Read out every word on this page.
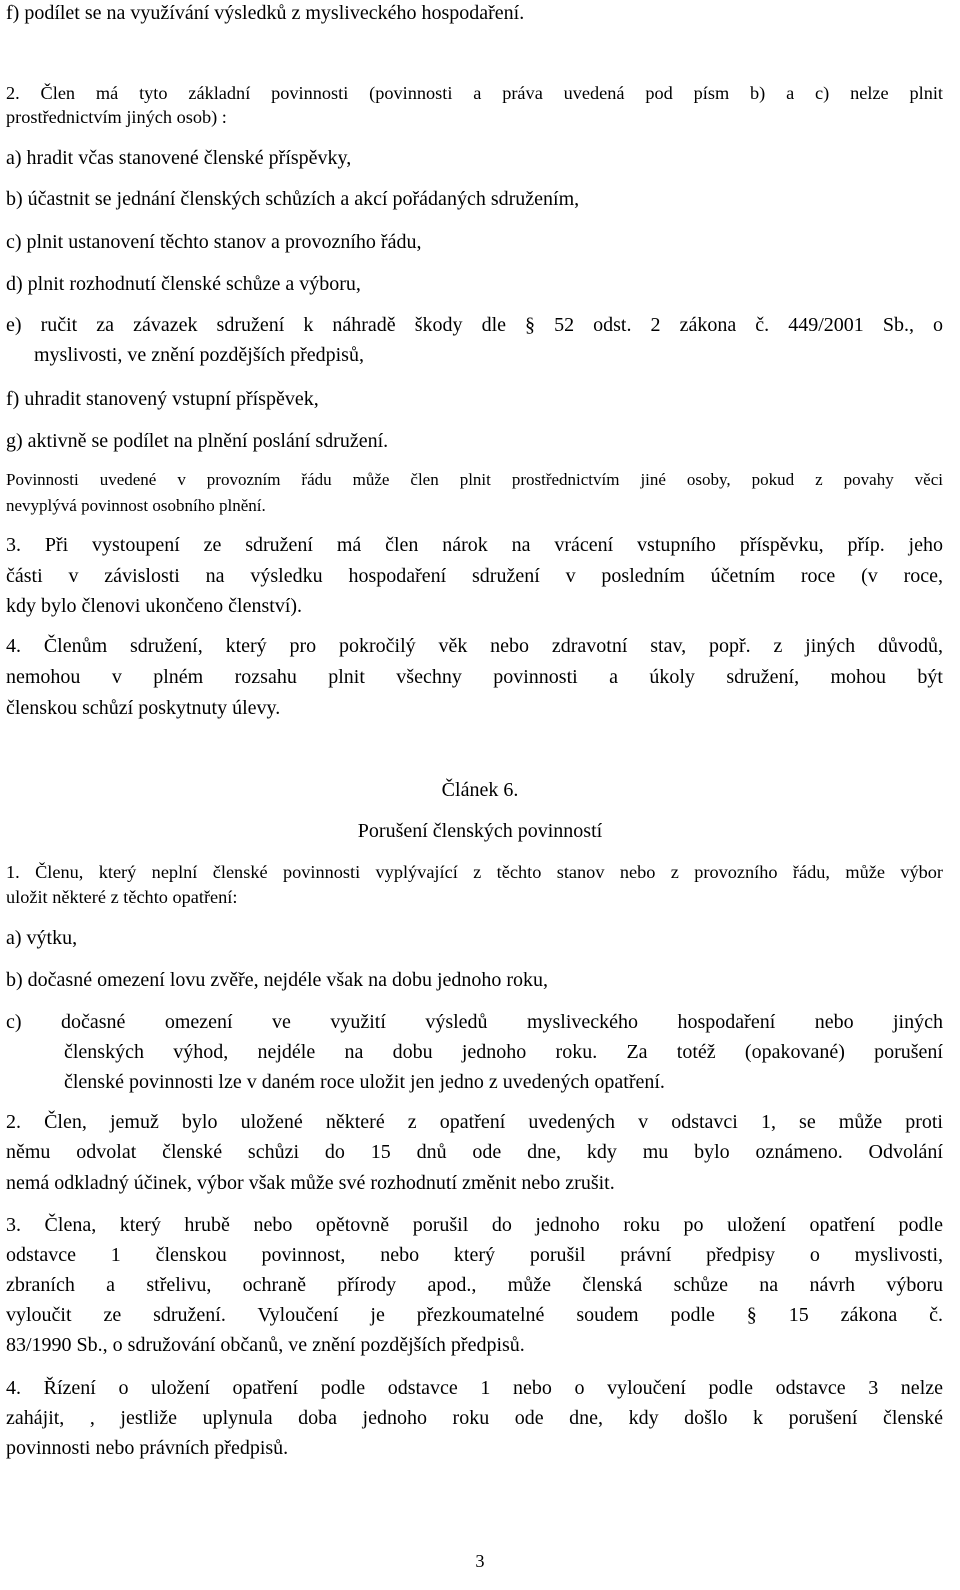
f) podílet se na využívání výsledků z mysliveckého hospodaření.
2. Člen má tyto základní povinnosti (povinnosti a práva uvedená pod písm b) a c) nelze plnit
prostřednictvím jiných osob) :
a) hradit včas stanovené členské příspěvky,
b) účastnit se jednání členských schůzích a akcí pořádaných sdružením,
c) plnit ustanovení těchto stanov a provozního řádu,
d) plnit rozhodnutí členské schůze a výboru,
e) ručit za závazek sdružení k náhradě škody dle § 52 odst. 2 zákona č. 449/2001 Sb., o
myslivosti, ve znění pozdějších předpisů,
f) uhradit stanovený vstupní příspěvek,
g) aktivně se podílet na plnění poslání sdružení.
Povinnosti uvedené v provozním řádu může člen plnit prostřednictvím jiné osoby, pokud z povahy věci
nevyplývá povinnost osobního plnění.
3. Při vystoupení ze sdružení má člen nárok na vrácení vstupního příspěvku, příp. jeho
části v závislosti na výsledku hospodaření sdružení v posledním účetním roce (v roce,
kdy bylo členovi ukončeno členství).
4. Členům sdružení, který pro pokročilý věk nebo zdravotní stav, popř. z jiných důvodů,
nemohou v plném rozsahu plnit všechny povinnosti a úkoly sdružení, mohou být
členskou schůzí poskytnuty úlevy.
Článek 6.
Porušení členských povinností
1. Členu, který neplní členské povinnosti vyplývající z těchto stanov nebo z provozního řádu, může výbor
uložit některé z těchto opatření:
a) výtku,
b) dočasné omezení lovu zvěře, nejdéle však na dobu jednoho roku,
c) dočasné omezení ve využití výsledů mysliveckého hospodaření nebo jiných
členských výhod, nejdéle na dobu jednoho roku. Za totéž (opakované) porušení
členské povinnosti lze v daném roce uložit jen jedno z uvedených opatření.
2. Člen, jemuž bylo uložené některé z opatření uvedených v odstavci 1, se může proti
němu odvolat členské schůzi do 15 dnů ode dne, kdy mu bylo oznámeno. Odvolání
nemá odkladný účinek, výbor však může své rozhodnutí změnit nebo zrušit.
3. Člena, který hrubě nebo opětovně porušil do jednoho roku po uložení opatření podle
odstavce 1 členskou povinnost, nebo který porušil právní předpisy o myslivosti,
zbraních a střelivu, ochraně přírody apod., může členská schůze na návrh výboru
vyloučit ze sdružení. Vyloučení je přezkoumatelné soudem podle § 15 zákona č.
83/1990 Sb., o sdružování občanů, ve znění pozdějších předpisů.
4. Řízení o uložení opatření podle odstavce 1 nebo o vyloučení podle odstavce 3 nelze
zahájit, , jestliže uplynula doba jednoho roku ode dne, kdy došlo k porušení členské
povinnosti nebo právních předpisů.
3
